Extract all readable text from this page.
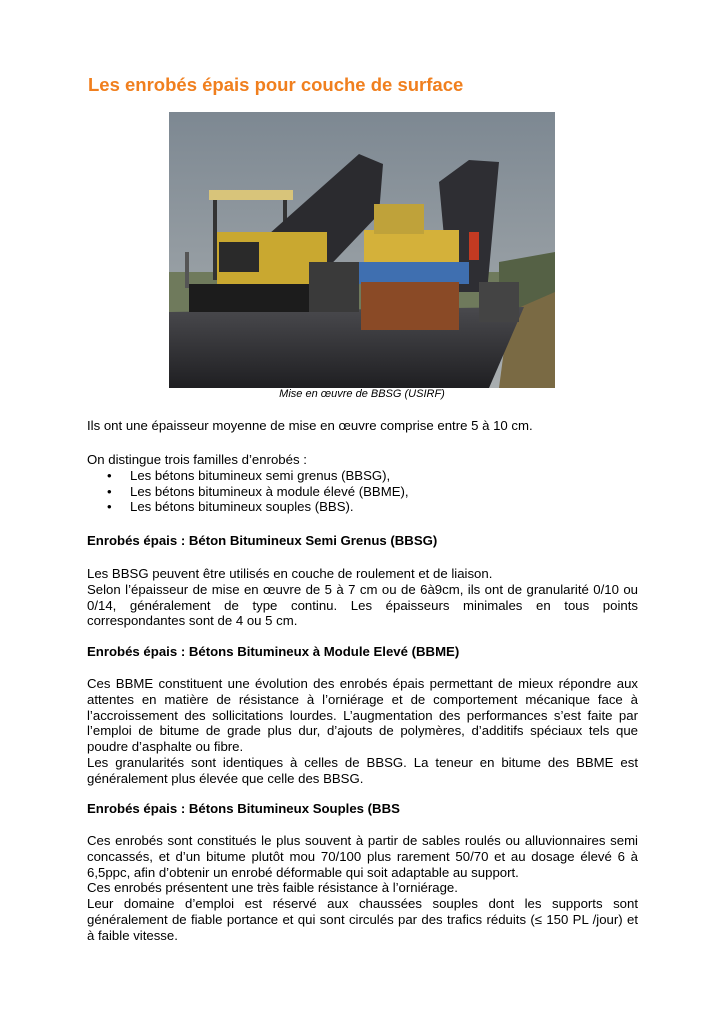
Les enrobés épais pour couche de surface
Mise en œuvre de BBSG (USIRF)
Ils ont une épaisseur moyenne de mise en œuvre comprise entre 5 à 10 cm.
On distingue trois familles d’enrobés :
• Les bétons bitumineux semi grenus (BBSG),
• Les bétons bitumineux à module élevé (BBME),
• Les bétons bitumineux souples (BBS).
Enrobés épais : Béton Bitumineux Semi Grenus (BBSG)

Les BBSG peuvent être utilisés en couche de roulement et de liaison.

Selon l’épaisseur de mise en œuvre de 5 à 7 cm ou de 6à9cm, ils ont de granularité 0/10 ou 0/14, généralement de type continu. Les épaisseurs minimales en tous points correspondantes sont de 4 ou 5 cm.

Enrobés épais : Bétons Bitumineux à Module Elevé (BBME)

Ces BBME constituent une évolution des enrobés épais permettant de mieux répondre aux attentes en matière de résistance à l’orniérage et de comportement mécanique face à l’accroissement des sollicitations lourdes. L’augmentation des performances s’est faite par l’emploi de bitume de grade plus dur, d’ajouts de polymères, d’additifs spéciaux tels que poudre d’asphalte ou fibre.

Les granularités sont identiques à celles de BBSG. La teneur en bitume des BBME est généralement plus élevée que celle des BBSG.

Enrobés épais : Bétons Bitumineux Souples (BBS

Ces enrobés sont constitués le plus souvent à partir de sables roulés ou alluvionnaires semi concassés, et d’un bitume plutôt mou 70/100 plus rarement 50/70 et au dosage élevé 6 à 6,5ppc, afin d’obtenir un enrobé déformable qui soit adaptable au support.

Ces enrobés présentent une très faible résistance à l’orniérage.

Leur domaine d’emploi est réservé aux chaussées souples dont les supports sont généralement de fiable portance et qui sont circulés par des trafics réduits (≤ 150 PL /jour) et à faible vitesse.
